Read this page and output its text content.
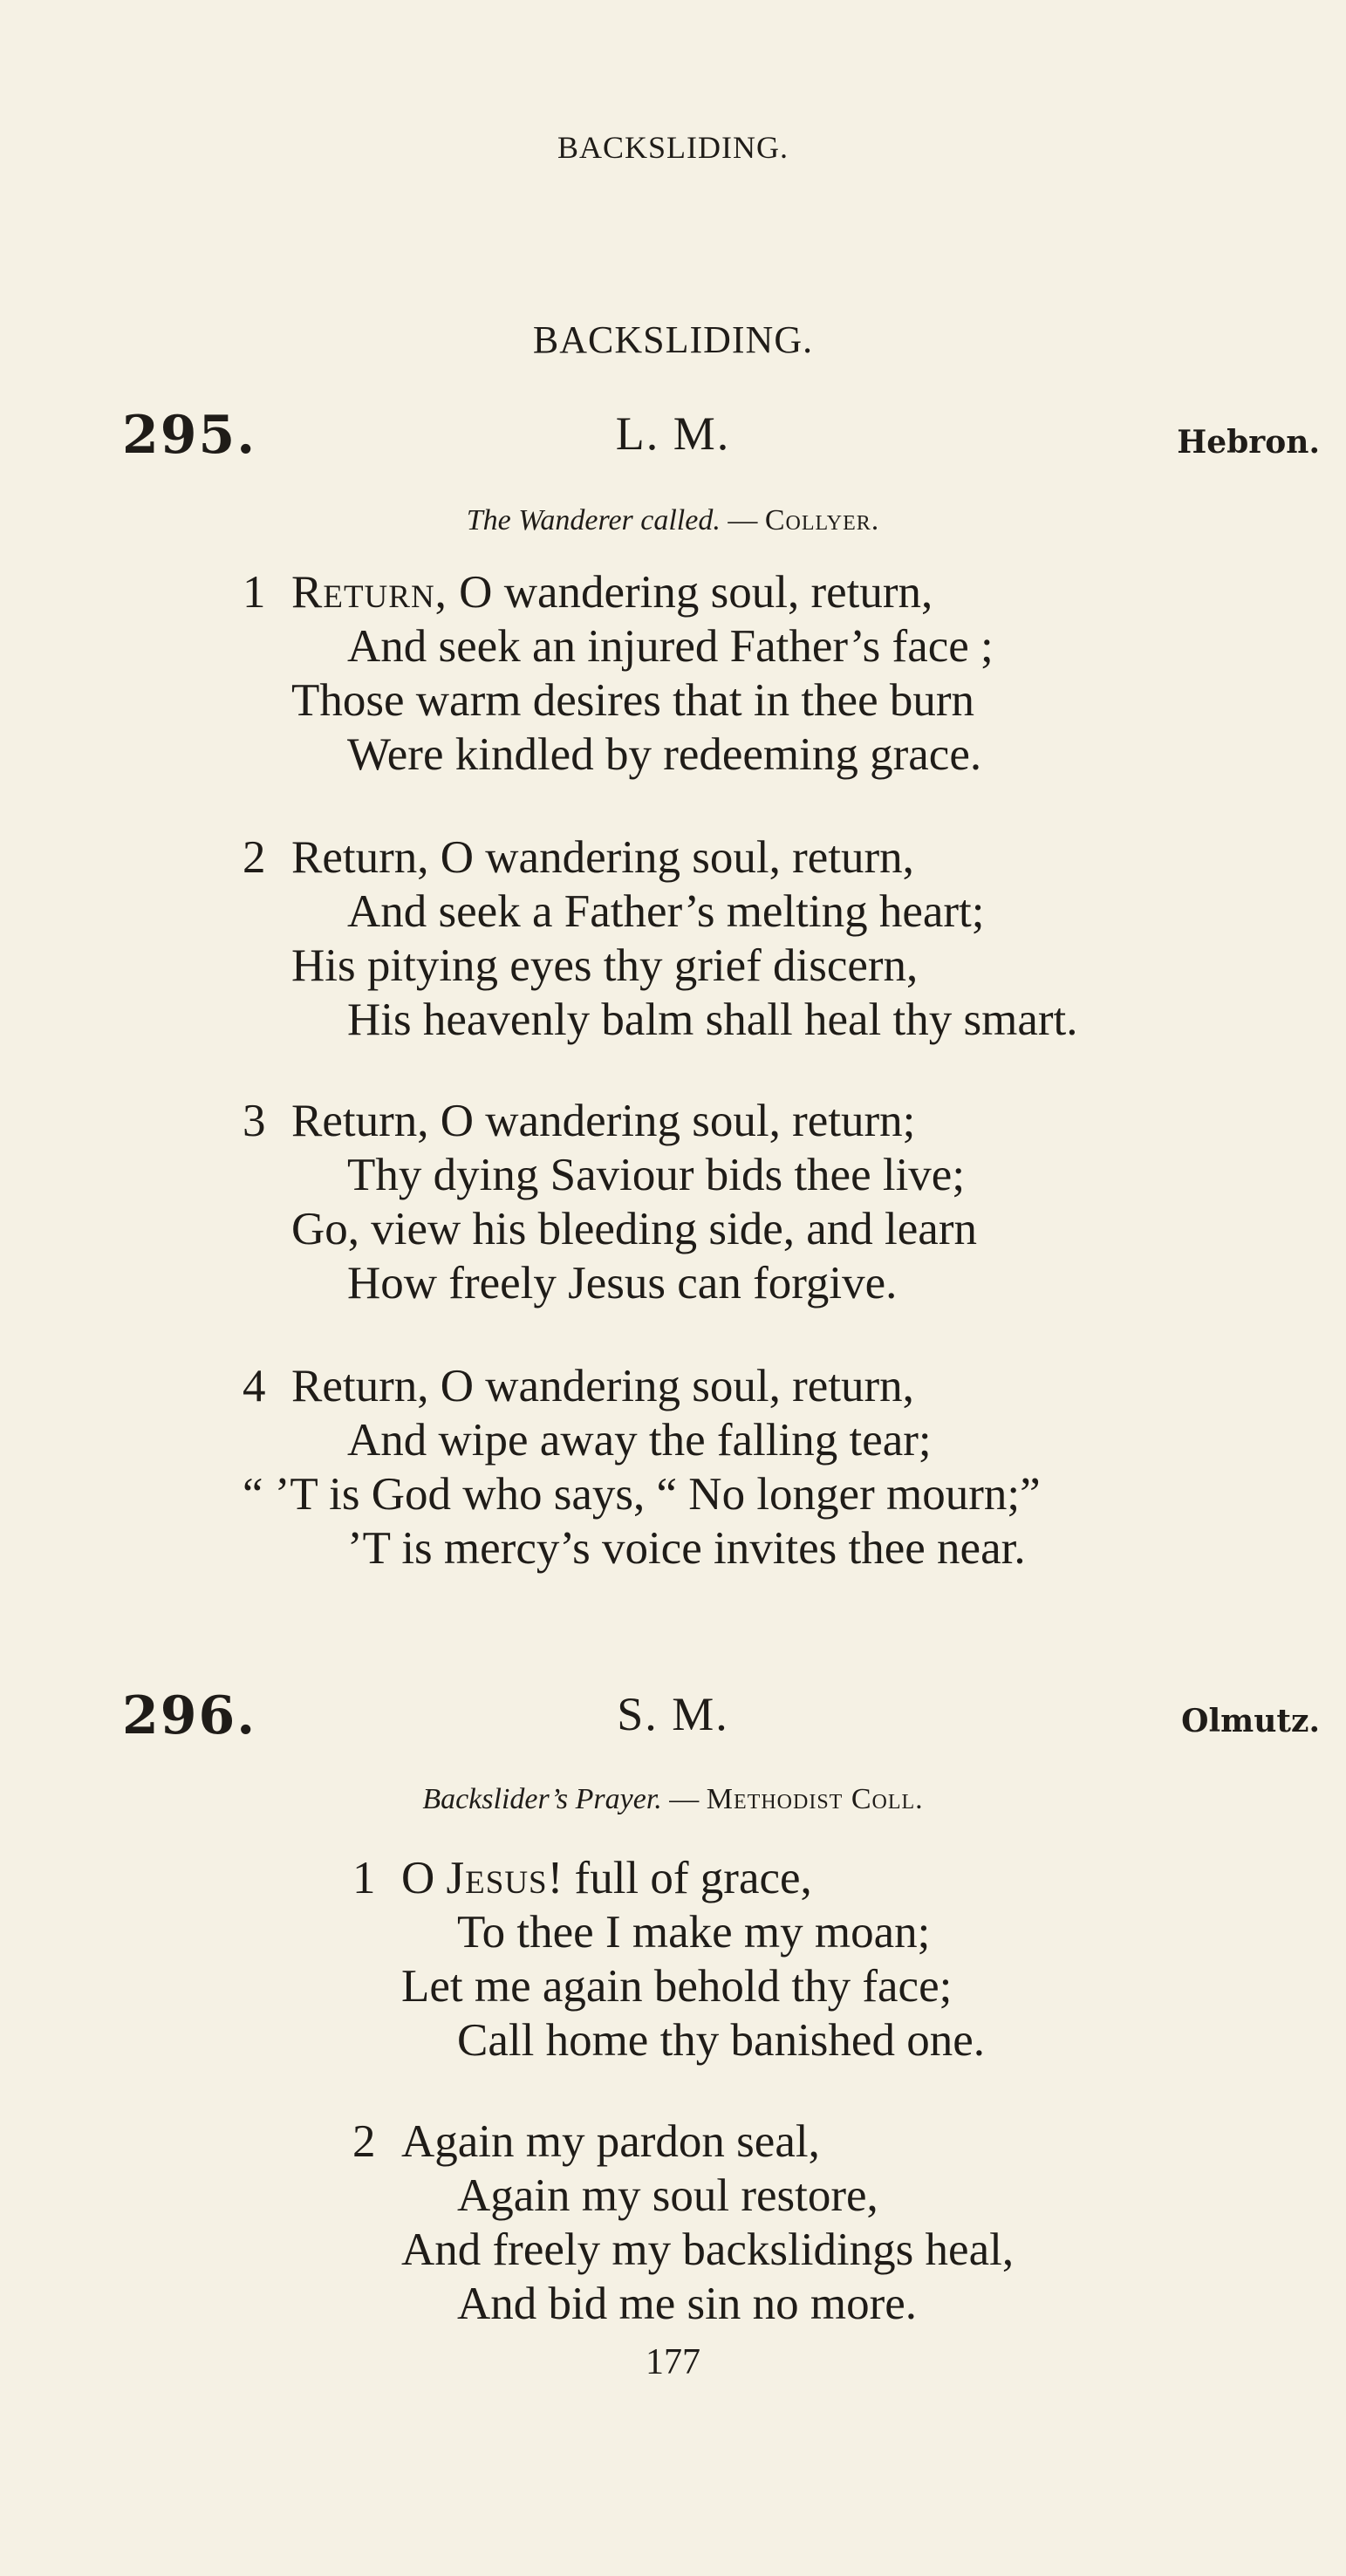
BACKSLIDING.
BACKSLIDING.
295.	L. M.	Hebron.
The Wanderer called. — Collyer.
1 Return, O wandering soul, return,
And seek an injured Father’s face ;
Those warm desires that in thee burn
Were kindled by redeeming grace.
2 Return, O wandering soul, return,
And seek a Father’s melting heart;
His pitying eyes thy grief discern,
His heavenly balm shall heal thy smart.
3 Return, O wandering soul, return;
Thy dying Saviour bids thee live;
Go, view his bleeding side, and learn
How freely Jesus can forgive.
4 Return, O wandering soul, return,
And wipe away the falling tear;
“ ’T is God who says, “ No longer mourn;”
’T is mercy’s voice invites thee near.
296.	S. M.	Olmutz.
Backslider’s Prayer. — Methodist Coll.
1 O Jesus! full of grace,
To thee I make my moan;
Let me again behold thy face;
Call home thy banished one.
2 Again my pardon seal,
Again my soul restore,
And freely my backslidings heal,
And bid me sin no more.
177
